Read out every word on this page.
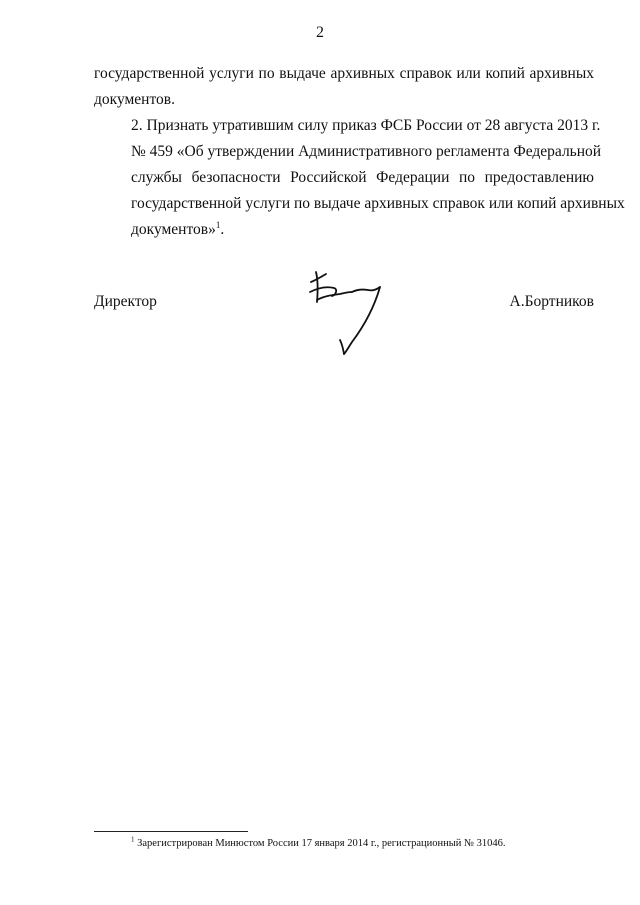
2
государственной услуги по выдаче архивных справок или копий архивных
документов.
2. Признать утратившим силу приказ ФСБ России от 28 августа 2013 г.
№ 459 «Об утверждении Административного регламента Федеральной
службы безопасности Российской Федерации по предоставлению
государственной услуги по выдаче архивных справок или копий архивных
документов»$^1$.
Директор	А.Бортников
$^1$ Зарегистрирован Минюстом России 17 января 2014 г., регистрационный № 31046.
